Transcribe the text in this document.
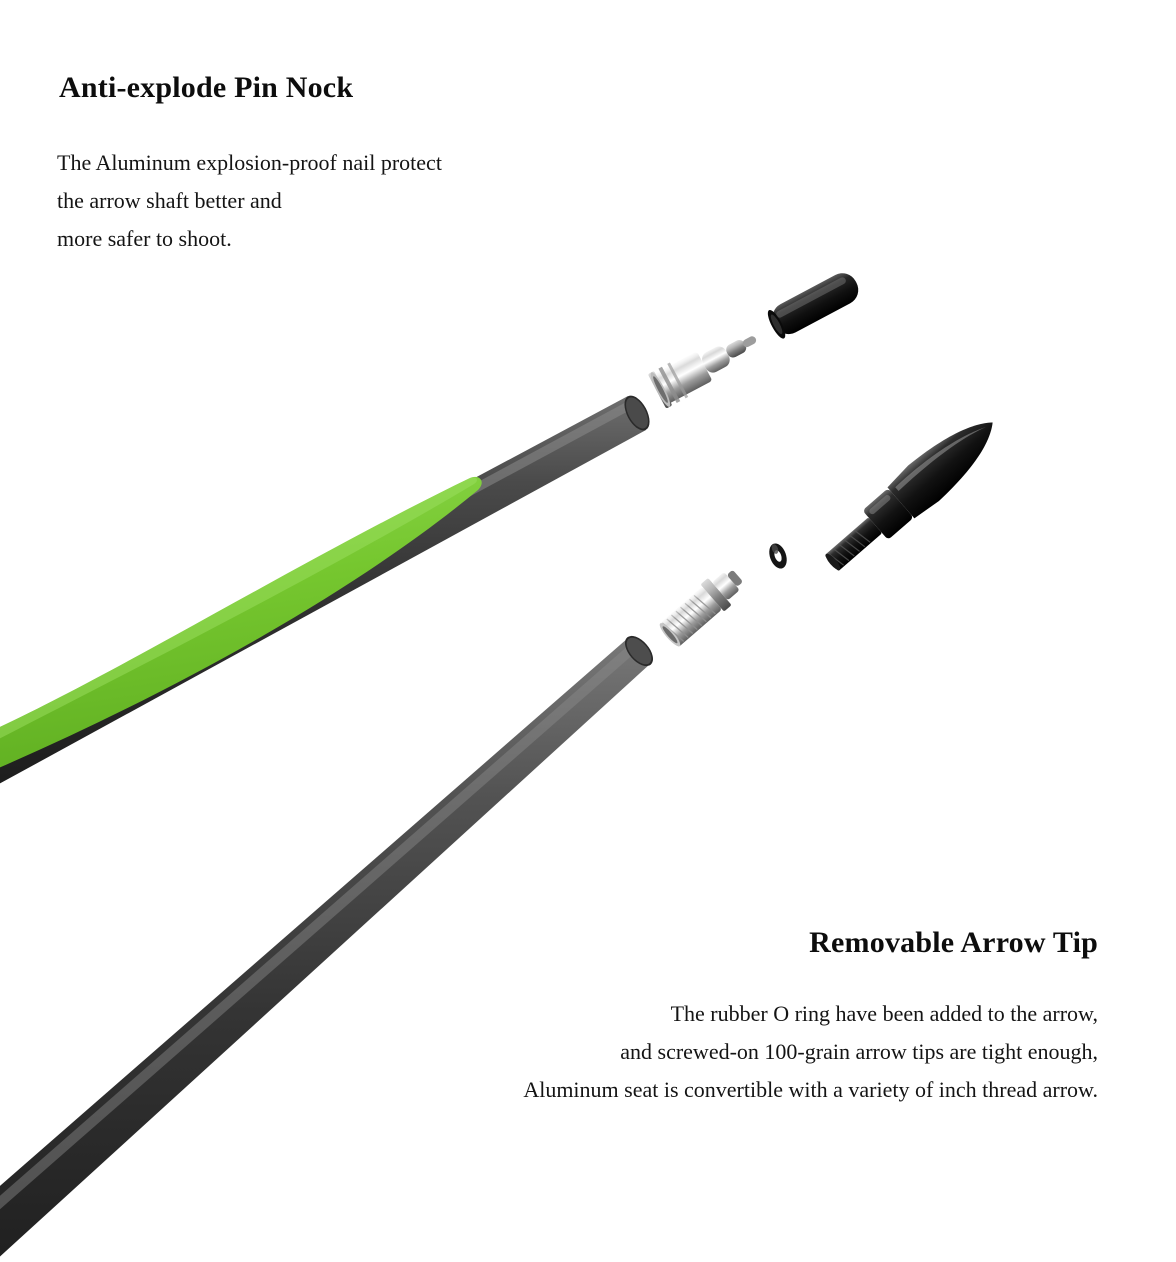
Anti-explode Pin Nock
The Aluminum explosion-proof nail protect
the arrow shaft better and
more safer to shoot.
Removable Arrow Tip
The rubber O ring have been added to the arrow,
and screwed-on 100-grain arrow tips are tight enough,
Aluminum seat is convertible with a variety of inch thread arrow.
